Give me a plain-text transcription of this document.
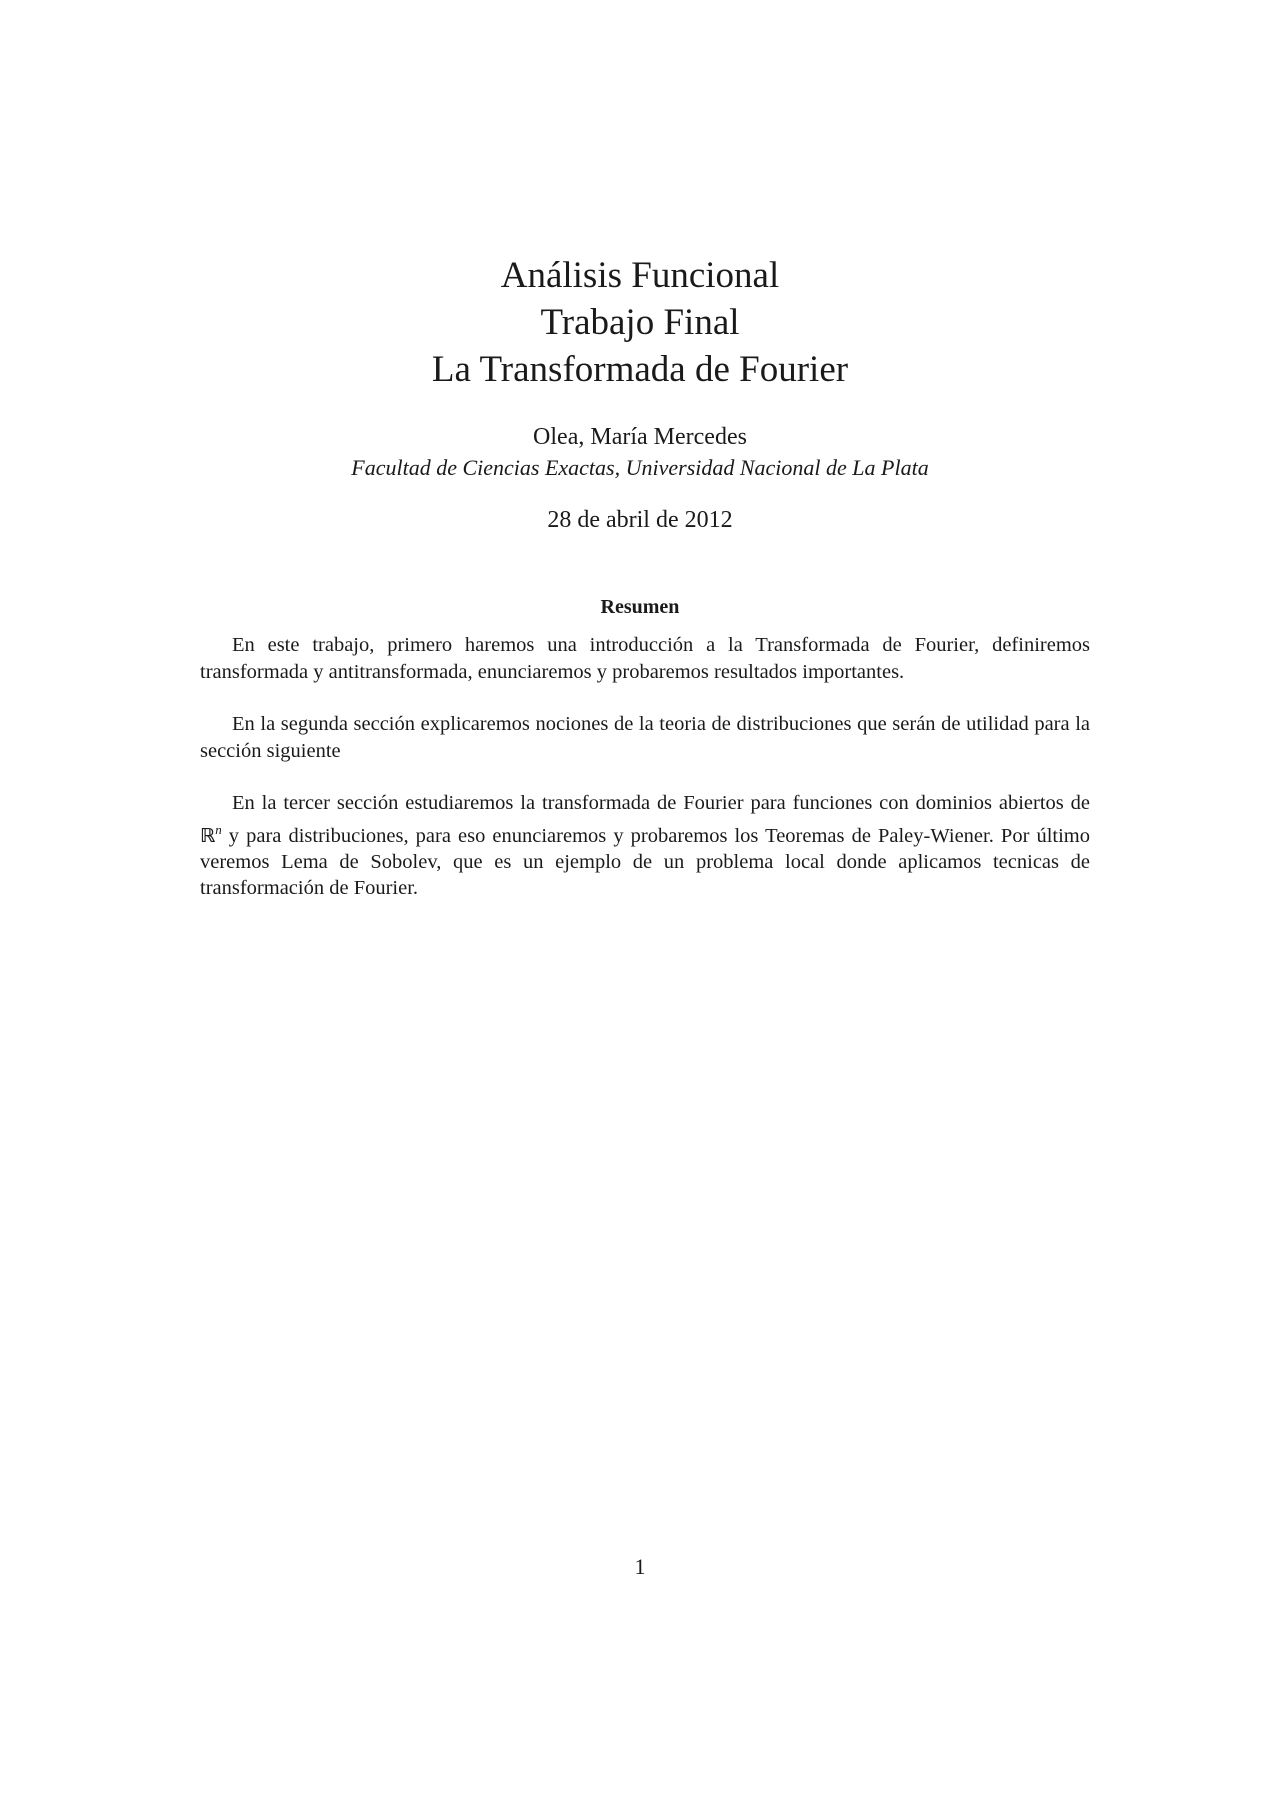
Análisis Funcional
Trabajo Final
La Transformada de Fourier
Olea, María Mercedes
Facultad de Ciencias Exactas, Universidad Nacional de La Plata
28 de abril de 2012
Resumen

En este trabajo, primero haremos una introducción a la Transformada de Fourier, definiremos transformada y antitransformada, enunciaremos y probaremos resultados importantes.

En la segunda sección explicaremos nociones de la teoria de distribuciones que serán de utilidad para la sección siguiente

En la tercer sección estudiaremos la transformada de Fourier para funciones con dominios abiertos de ℝ$^n$ y para distribuciones, para eso enunciaremos y probaremos los Teoremas de Paley-Wiener. Por último veremos Lema de Sobolev, que es un ejemplo de un problema local donde aplicamos tecnicas de transformación de Fourier.

1
